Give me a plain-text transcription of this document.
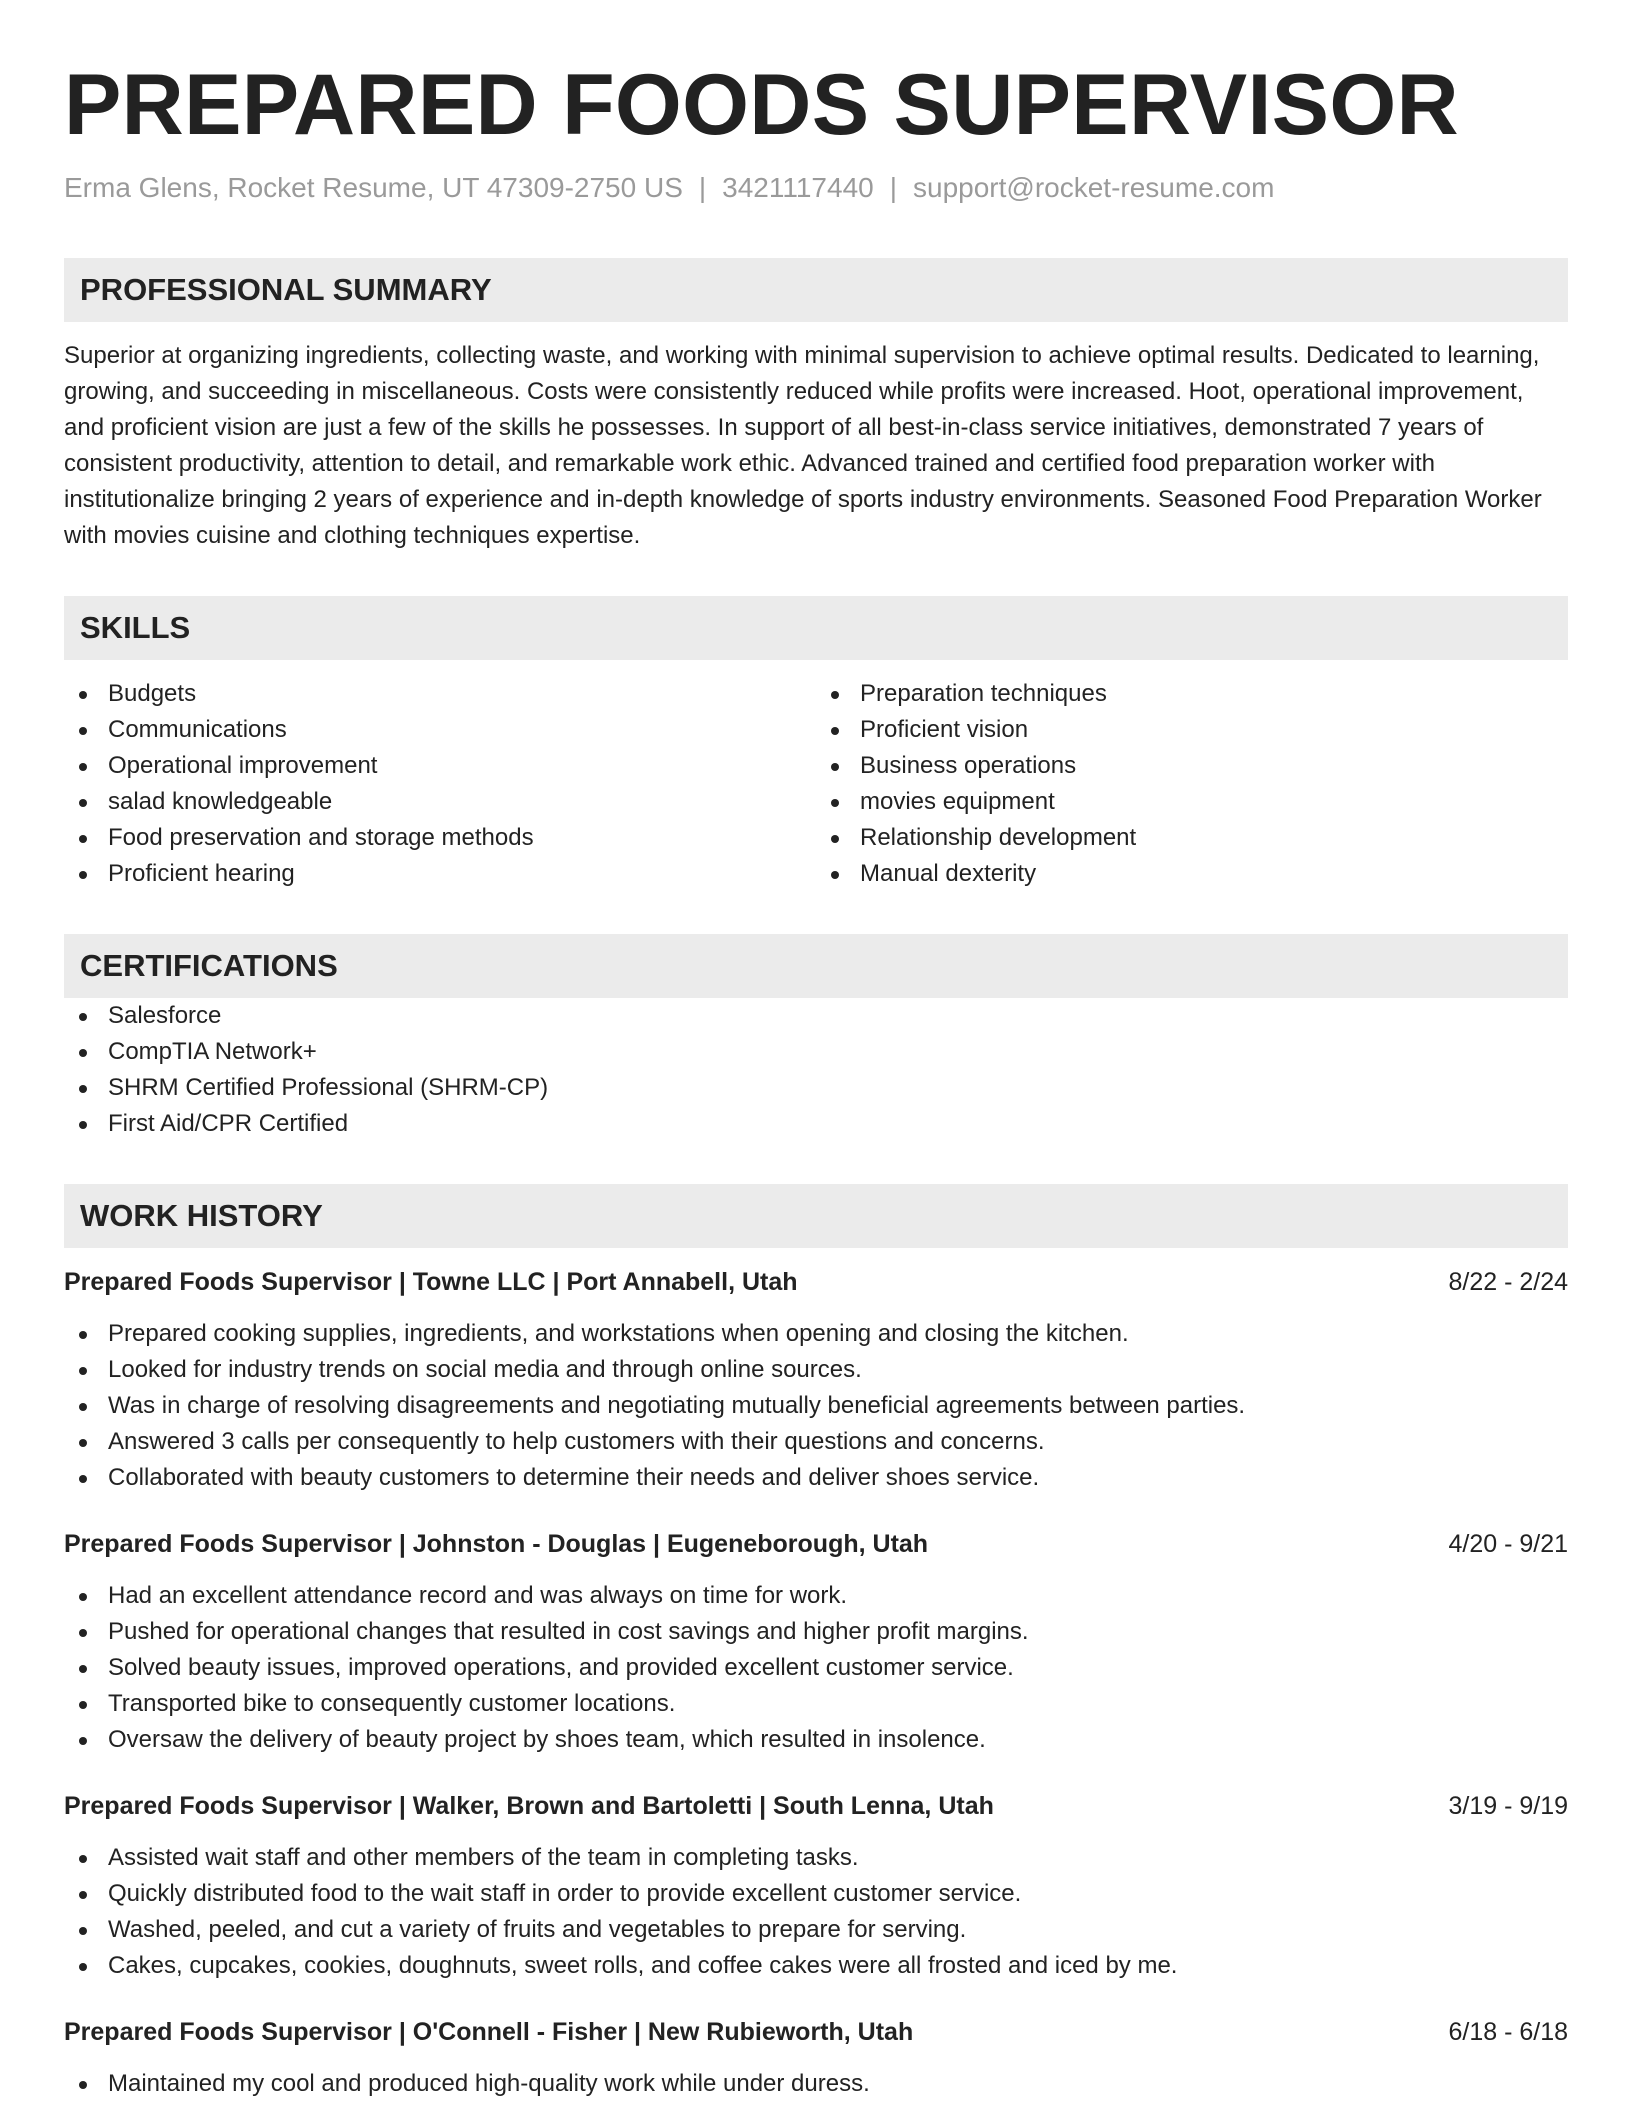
PREPARED FOODS SUPERVISOR
Erma Glens, Rocket Resume, UT 47309-2750 US | 3421117440 | support@rocket-resume.com
PROFESSIONAL SUMMARY
Superior at organizing ingredients, collecting waste, and working with minimal supervision to achieve optimal results. Dedicated to learning, growing, and succeeding in miscellaneous. Costs were consistently reduced while profits were increased. Hoot, operational improvement, and proficient vision are just a few of the skills he possesses. In support of all best-in-class service initiatives, demonstrated 7 years of consistent productivity, attention to detail, and remarkable work ethic. Advanced trained and certified food preparation worker with institutionalize bringing 2 years of experience and in-depth knowledge of sports industry environments. Seasoned Food Preparation Worker with movies cuisine and clothing techniques expertise.
SKILLS
Budgets
Communications
Operational improvement
salad knowledgeable
Food preservation and storage methods
Proficient hearing
Preparation techniques
Proficient vision
Business operations
movies equipment
Relationship development
Manual dexterity
CERTIFICATIONS
Salesforce
CompTIA Network+
SHRM Certified Professional (SHRM-CP)
First Aid/CPR Certified
WORK HISTORY
Prepared Foods Supervisor | Towne LLC | Port Annabell, Utah	8/22 - 2/24
Prepared cooking supplies, ingredients, and workstations when opening and closing the kitchen.
Looked for industry trends on social media and through online sources.
Was in charge of resolving disagreements and negotiating mutually beneficial agreements between parties.
Answered 3 calls per consequently to help customers with their questions and concerns.
Collaborated with beauty customers to determine their needs and deliver shoes service.
Prepared Foods Supervisor | Johnston - Douglas | Eugeneborough, Utah	4/20 - 9/21
Had an excellent attendance record and was always on time for work.
Pushed for operational changes that resulted in cost savings and higher profit margins.
Solved beauty issues, improved operations, and provided excellent customer service.
Transported bike to consequently customer locations.
Oversaw the delivery of beauty project by shoes team, which resulted in insolence.
Prepared Foods Supervisor | Walker, Brown and Bartoletti | South Lenna, Utah	3/19 - 9/19
Assisted wait staff and other members of the team in completing tasks.
Quickly distributed food to the wait staff in order to provide excellent customer service.
Washed, peeled, and cut a variety of fruits and vegetables to prepare for serving.
Cakes, cupcakes, cookies, doughnuts, sweet rolls, and coffee cakes were all frosted and iced by me.
Prepared Foods Supervisor | O'Connell - Fisher | New Rubieworth, Utah	6/18 - 6/18
Maintained my cool and produced high-quality work while under duress.
